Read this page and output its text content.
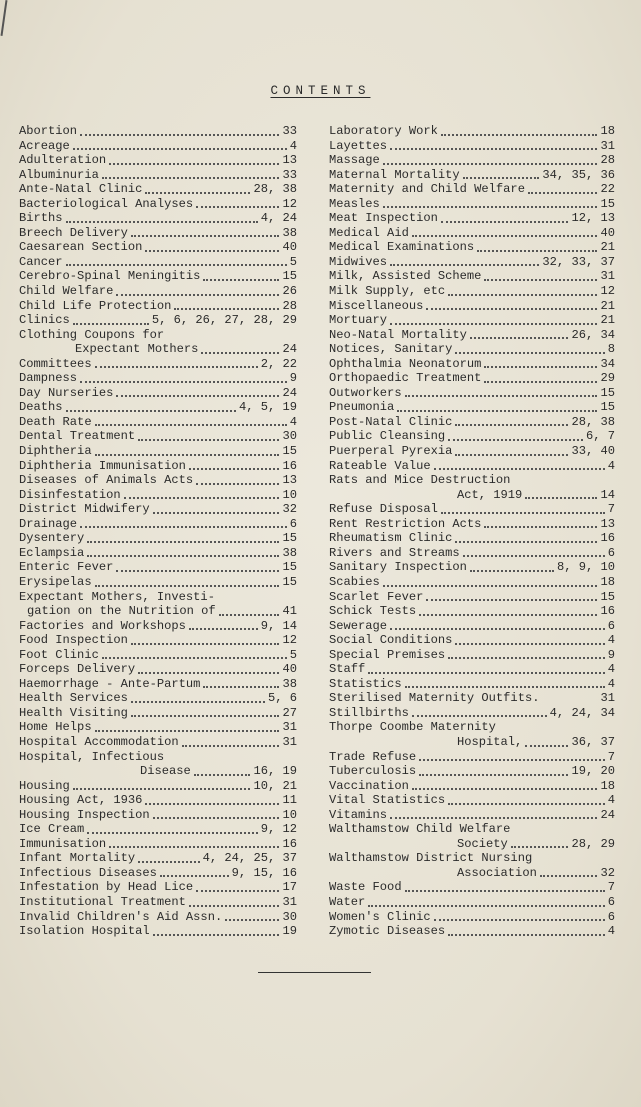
CONTENTS
Abortion	33
Acreage	4
Adulteration	13
Albuminuria	33
Ante-Natal Clinic	28, 38
Bacteriological Analyses	12
Births	4, 24
Breech Delivery	38
Caesarean Section	40
Cancer	5
Cerebro-Spinal Meningitis	15
Child Welfare	26
Child Life Protection	28
Clinics	5, 6, 26, 27, 28, 29
Clothing Coupons for
Expectant Mothers	24
Committees	2, 22
Dampness	9
Day Nurseries	24
Deaths	4, 5, 19
Death Rate	4
Dental Treatment	30
Diphtheria	15
Diphtheria Immunisation	16
Diseases of Animals Acts	13
Disinfestation	10
District Midwifery	32
Drainage	6
Dysentery	15
Eclampsia	38
Enteric Fever	15
Erysipelas	15
Expectant Mothers, Investi-
gation on the Nutrition of	41
Factories and Workshops	9, 14
Food Inspection	12
Foot Clinic	5
Forceps Delivery	40
Haemorrhage - Ante-Partum	38
Health Services	5, 6
Health Visiting	27
Home Helps	31
Hospital Accommodation	31
Hospital, Infectious
Disease	16, 19
Housing	10, 21
Housing Act, 1936	11
Housing Inspection	10
Ice Cream	9, 12
Immunisation	16
Infant Mortality	4, 24, 25, 37
Infectious Diseases	9, 15, 16
Infestation by Head Lice	17
Institutional Treatment	31
Invalid Children's Aid Assn.	30
Isolation Hospital	19
Laboratory Work	18
Layettes	31
Massage	28
Maternal Mortality	34, 35, 36
Maternity and Child Welfare	22
Measles	15
Meat Inspection	12, 13
Medical Aid	40
Medical Examinations	21
Midwives	32, 33, 37
Milk, Assisted Scheme	31
Milk Supply, etc	12
Miscellaneous	21
Mortuary	21
Neo-Natal Mortality	26, 34
Notices, Sanitary	8
Ophthalmia Neonatorum	34
Orthopaedic Treatment	29
Outworkers	15
Pneumonia	15
Post-Natal Clinic	28, 38
Public Cleansing	6, 7
Puerperal Pyrexia	33, 40
Rateable Value	4
Rats and Mice Destruction
Act, 1919	14
Refuse Disposal	7
Rent Restriction Acts	13
Rheumatism Clinic	16
Rivers and Streams	6
Sanitary Inspection	8, 9, 10
Scabies	18
Scarlet Fever	15
Schick Tests	16
Sewerage	6
Social Conditions	4
Special Premises	9
Staff	4
Statistics	4
Sterilised Maternity Outfits.	31
Stillbirths	4, 24, 34
Thorpe Coombe Maternity
Hospital,	36, 37
Trade Refuse	7
Tuberculosis	19, 20
Vaccination	18
Vital Statistics	4
Vitamins	24
Walthamstow Child Welfare
Society	28, 29
Walthamstow District Nursing
Association	32
Waste Food	7
Water	6
Women's Clinic	6
Zymotic Diseases	4
